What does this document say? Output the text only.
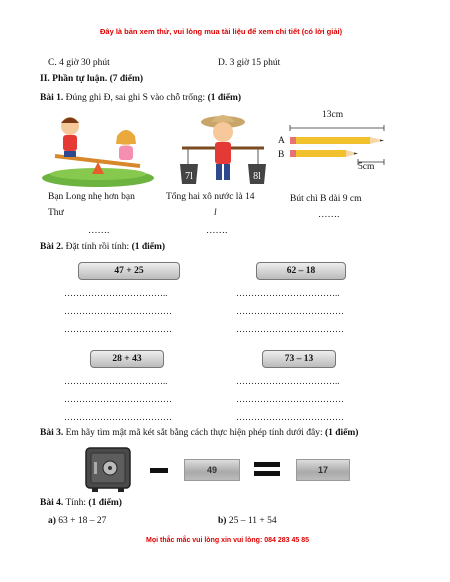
Đây là bản xem thử, vui lòng mua tài liệu để xem chi tiết (có lời giải)
C. 4 giờ 30 phút	D. 3 giờ 15 phút
II. Phần tự luận. (7 điểm)
Bài 1. Đúng ghi Đ, sai ghi S vào chỗ trống: (1 điểm)
7l	8l
13cm
A
B
5cm
Bạn Long nhẹ hơn bạn
Thư
…….
Tổng hai xô nước là 14
l
…….
Bút chì B dài 9 cm
…….
Bài 2. Đặt tính rồi tính: (1 điểm)
47 + 25	62 – 18
……………………………..
………………………………
………………………………
……………………………..
………………………………
………………………………
28 + 43	73 – 13
……………………………..
………………………………
………………………………
……………………………..
………………………………
………………………………
Bài 3. Em hãy tìm mật mã két sắt bằng cách thực hiện phép tính dưới đây: (1 điểm)
49	17
Bài 4. Tính: (1 điểm)
a) 63 + 18 – 27	b) 25 – 11 + 54
Mọi thắc mắc vui lòng xin vui lòng: 084 283 45 85
